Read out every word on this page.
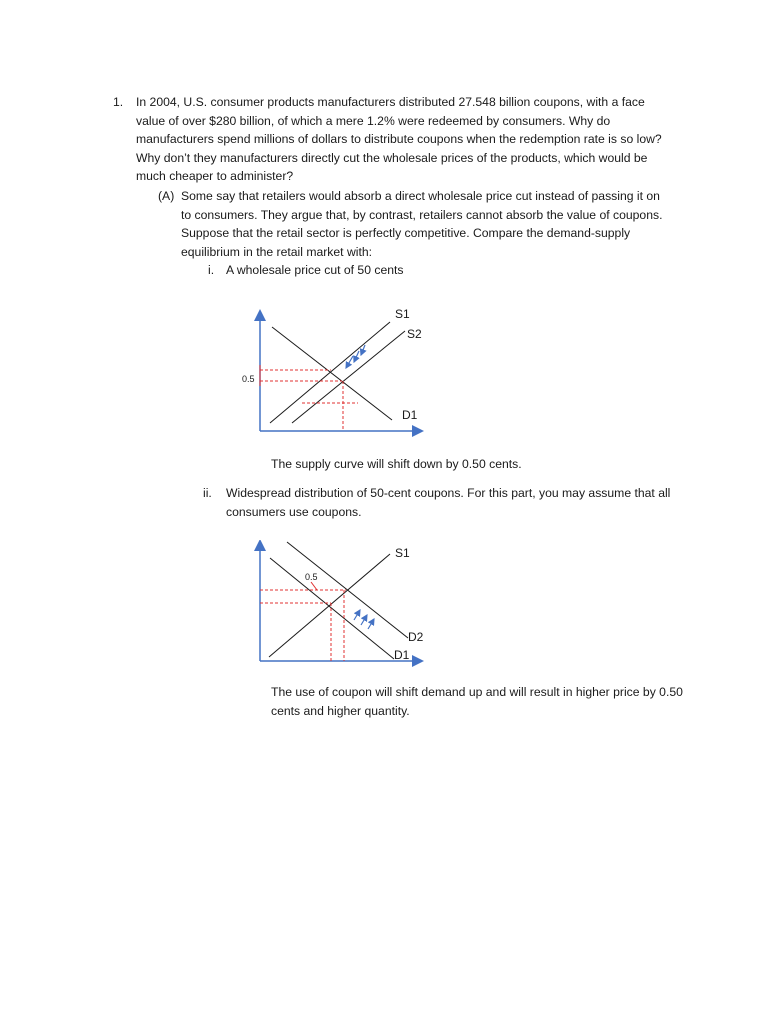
1. In 2004, U.S. consumer products manufacturers distributed 27.548 billion coupons, with a face value of over $280 billion, of which a mere 1.2% were redeemed by consumers. Why do manufacturers spend millions of dollars to distribute coupons when the redemption rate is so low? Why don’t they manufacturers directly cut the wholesale prices of the products, which would be much cheaper to administer?
(A) Some say that retailers would absorb a direct wholesale price cut instead of passing it on to consumers. They argue that, by contrast, retailers cannot absorb the value of coupons. Suppose that the retail sector is perfectly competitive. Compare the demand-supply equilibrium in the retail market with:
i. A wholesale price cut of 50 cents
S1
S2
D1
0.5
The supply curve will shift down by 0.50 cents.
ii. Widespread distribution of 50-cent coupons. For this part, you may assume that all consumers use coupons.
S1
D2
D1
0.5
The use of coupon will shift demand up and will result in higher price by 0.50 cents and higher quantity.
